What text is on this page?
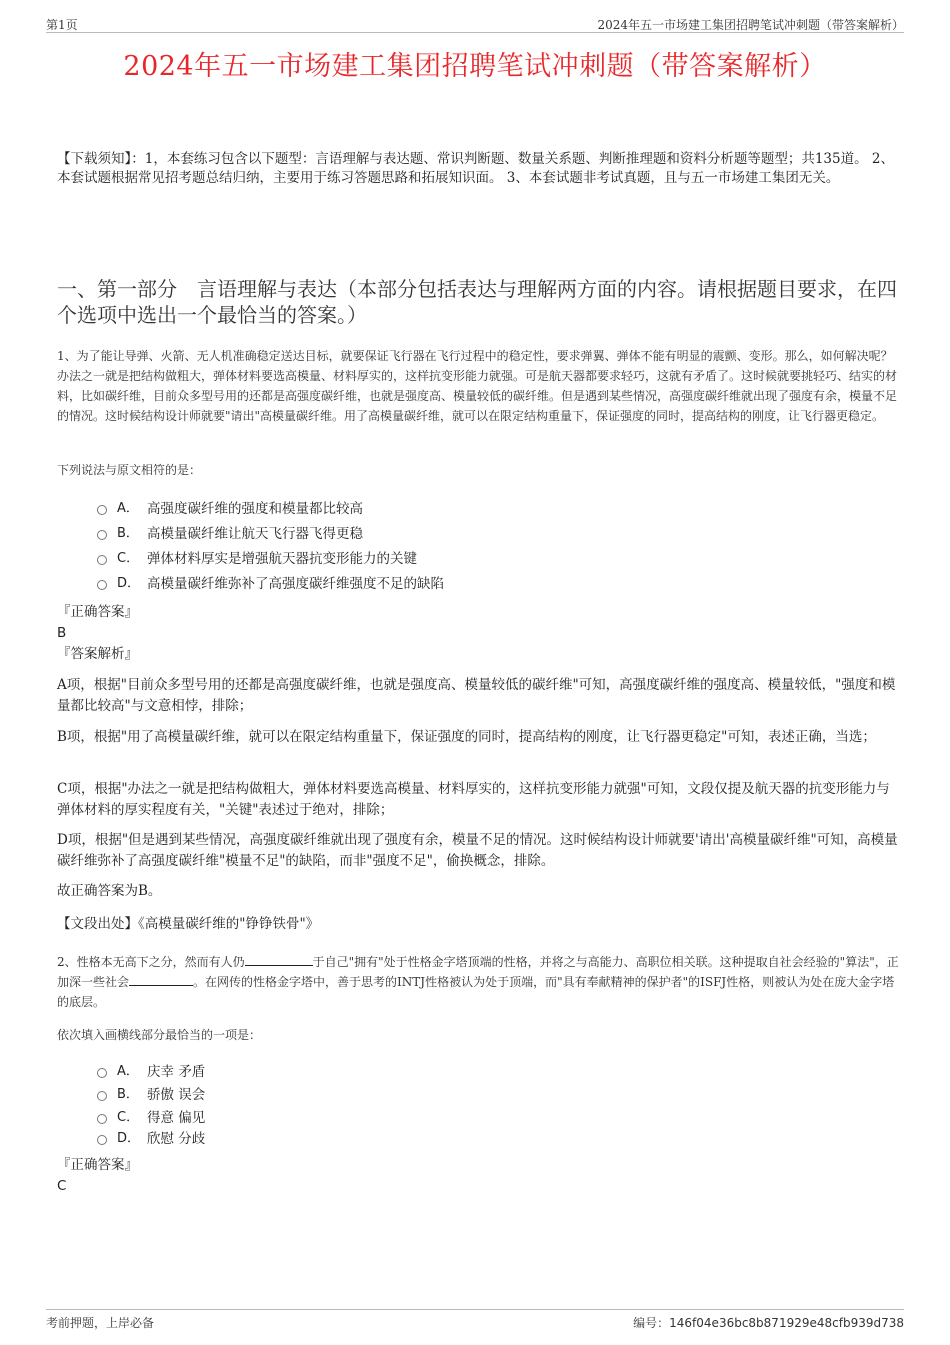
第1页	2024年五一市场建工集团招聘笔试冲刺题（带答案解析）
2024年五一市场建工集团招聘笔试冲刺题（带答案解析）
【下载须知】：1，本套练习包含以下题型：言语理解与表达题、常识判断题、数量关系题、判断推理题和资料分析题等题型；共135道。 2、本套试题根据常见招考题总结归纳，主要用于练习答题思路和拓展知识面。 3、本套试题非考试真题，且与五一市场建工集团无关。
一、第一部分　言语理解与表达（本部分包括表达与理解两方面的内容。请根据题目要求，在四个选项中选出一个最恰当的答案。）
1、为了能让导弹、火箭、无人机准确稳定送达目标，就要保证飞行器在飞行过程中的稳定性，要求弹翼、弹体不能有明显的震颤、变形。那么，如何解决呢？办法之一就是把结构做粗大，弹体材料要选高模量、材料厚实的，这样抗变形能力就强。可是航天器都要求轻巧，这就有矛盾了。这时候就要挑轻巧、结实的材料，比如碳纤维，目前众多型号用的还都是高强度碳纤维，也就是强度高、模量较低的碳纤维。但是遇到某些情况，高强度碳纤维就出现了强度有余，模量不足的情况。这时候结构设计师就要"请出"高模量碳纤维。用了高模量碳纤维，就可以在限定结构重量下，保证强度的同时，提高结构的刚度，让飞行器更稳定。
下列说法与原文相符的是：
A． 高强度碳纤维的强度和模量都比较高
B． 高模量碳纤维让航天飞行器飞得更稳
C． 弹体材料厚实是增强航天器抗变形能力的关键
D． 高模量碳纤维弥补了高强度碳纤维强度不足的缺陷
『正确答案』
B
『答案解析』
A项，根据"目前众多型号用的还都是高强度碳纤维，也就是强度高、模量较低的碳纤维"可知，高强度碳纤维的强度高、模量较低，"强度和模量都比较高"与文意相悖，排除；
B项，根据"用了高模量碳纤维，就可以在限定结构重量下，保证强度的同时，提高结构的刚度，让飞行器更稳定"可知，表述正确，当选；
C项，根据"办法之一就是把结构做粗大，弹体材料要选高模量、材料厚实的，这样抗变形能力就强"可知，文段仅提及航天器的抗变形能力与弹体材料的厚实程度有关，"关键"表述过于绝对，排除；
D项，根据"但是遇到某些情况，高强度碳纤维就出现了强度有余，模量不足的情况。这时候结构设计师就要'请出'高模量碳纤维"可知，高模量碳纤维弥补了高强度碳纤维"模量不足"的缺陷，而非"强度不足"，偷换概念，排除。
故正确答案为B。
【文段出处】《高模量碳纤维的"铮铮铁骨"》
2、性格本无高下之分，然而有人仍	于自己"拥有"处于性格金字塔顶端的性格，并将之与高能力、高职位相关联。这种提取自社会经验的"算法"，正加深一些社会	。在网传的性格金字塔中，善于思考的INTJ性格被认为处于顶端，而"具有奉献精神的保护者"的ISFJ性格，则被认为处在庞大金字塔的底层。
依次填入画横线部分最恰当的一项是：
A． 庆幸 矛盾
B． 骄傲 误会
C． 得意 偏见
D． 欣慰 分歧
『正确答案』
C
考前押题，上岸必备	编号：146f04e36bc8b871929e48cfb939d738
